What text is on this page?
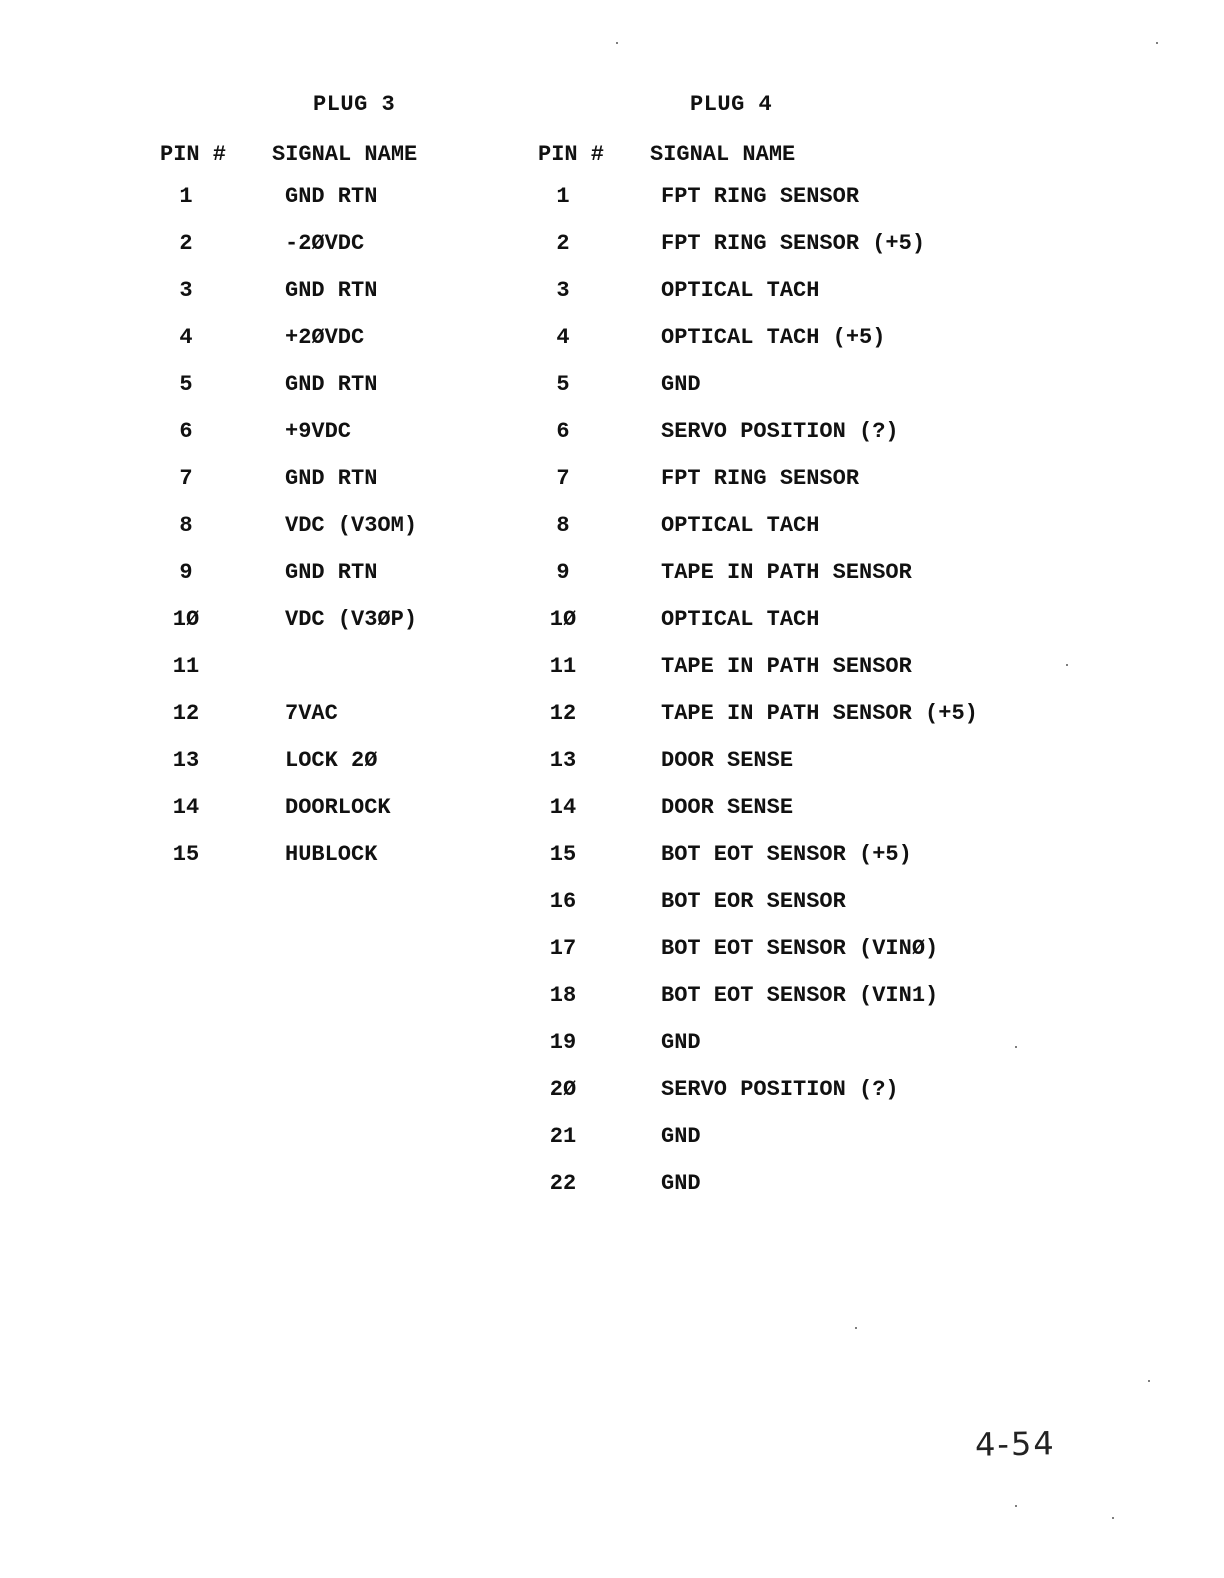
PLUG 3
PIN # SIGNAL NAME
1	GND RTN
2	-2ØVDC
3	GND RTN
4	+2ØVDC
5	GND RTN
6	+9VDC
7	GND RTN
8	VDC (V3OM)
9	GND RTN
1Ø	VDC (V3ØP)
11
12	7VAC
13	LOCK 2Ø
14	DOORLOCK
15	HUBLOCK
PLUG 4
PIN # SIGNAL NAME
1	FPT RING SENSOR
2	FPT RING SENSOR (+5)
3	OPTICAL TACH
4	OPTICAL TACH (+5)
5	GND
6	SERVO POSITION (?)
7	FPT RING SENSOR
8	OPTICAL TACH
9	TAPE IN PATH SENSOR
1Ø	OPTICAL TACH
11	TAPE IN PATH SENSOR
12	TAPE IN PATH SENSOR (+5)
13	DOOR SENSE
14	DOOR SENSE
15	BOT EOT SENSOR (+5)
16	BOT EOR SENSOR
17	BOT EOT SENSOR (VINØ)
18	BOT EOT SENSOR (VIN1)
19	GND
2Ø	SERVO POSITION (?)
21	GND
22	GND
4-54
